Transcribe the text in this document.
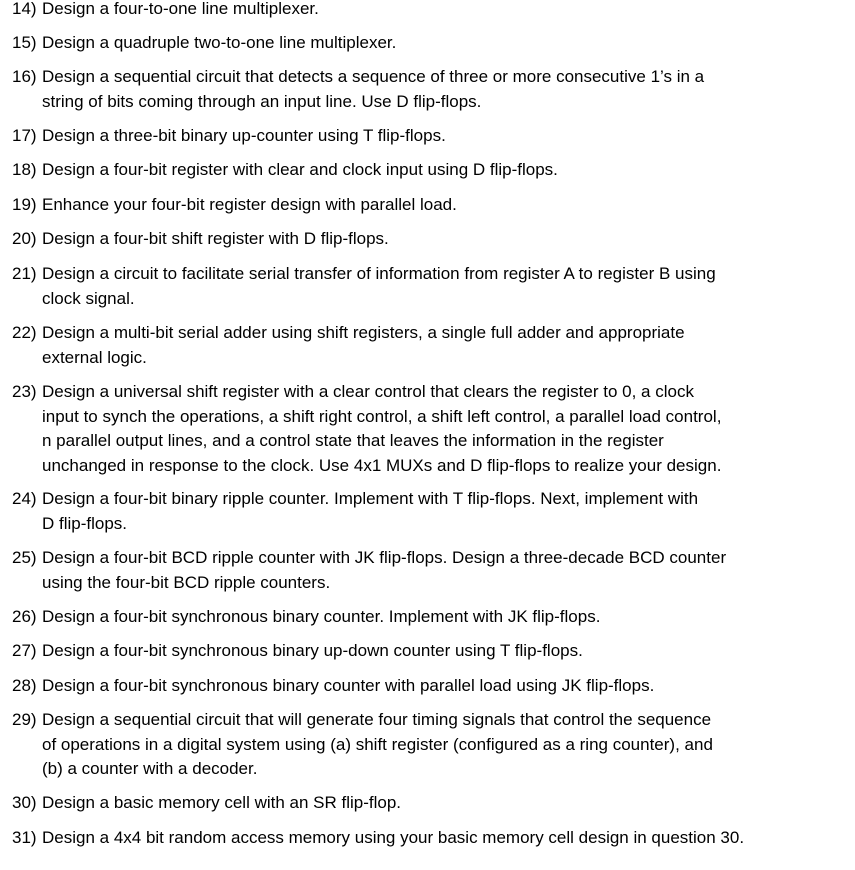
14) Design a four-to-one line multiplexer.
15) Design a quadruple two-to-one line multiplexer.
16) Design a sequential circuit that detects a sequence of three or more consecutive 1’s in a
string of bits coming through an input line. Use D flip-flops.
17) Design a three-bit binary up-counter using T flip-flops.
18) Design a four-bit register with clear and clock input using D flip-flops.
19) Enhance your four-bit register design with parallel load.
20) Design a four-bit shift register with D flip-flops.
21) Design a circuit to facilitate serial transfer of information from register A to register B using
clock signal.
22) Design a multi-bit serial adder using shift registers, a single full adder and appropriate
external logic.
23) Design a universal shift register with a clear control that clears the register to 0, a clock
input to synch the operations, a shift right control, a shift left control, a parallel load control,
n parallel output lines, and a control state that leaves the information in the register
unchanged in response to the clock. Use 4x1 MUXs and D flip-flops to realize your design.
24) Design a four-bit binary ripple counter. Implement with T flip-flops. Next, implement with
D flip-flops.
25) Design a four-bit BCD ripple counter with JK flip-flops. Design a three-decade BCD counter
using the four-bit BCD ripple counters.
26) Design a four-bit synchronous binary counter. Implement with JK flip-flops.
27) Design a four-bit synchronous binary up-down counter using T flip-flops.
28) Design a four-bit synchronous binary counter with parallel load using JK flip-flops.
29) Design a sequential circuit that will generate four timing signals that control the sequence
of operations in a digital system using (a) shift register (configured as a ring counter), and
(b) a counter with a decoder.
30) Design a basic memory cell with an SR flip-flop.
31) Design a 4x4 bit random access memory using your basic memory cell design in question 30.
